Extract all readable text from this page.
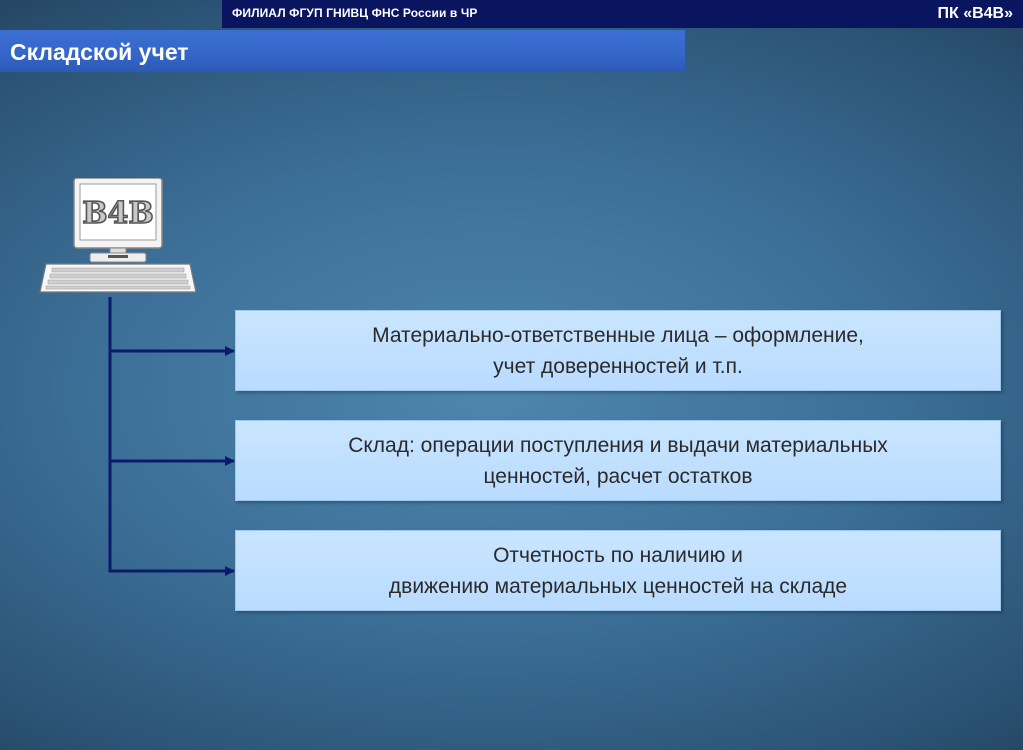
ФИЛИАЛ ФГУП ГНИВЦ ФНС России в ЧР	ПК «В4В»
Складской учет
B4B
Материально-ответственные лица – оформление,
учет доверенностей и т.п.
Склад: операции поступления и выдачи материальных
ценностей, расчет остатков
Отчетность по наличию и
движению материальных ценностей на складе
